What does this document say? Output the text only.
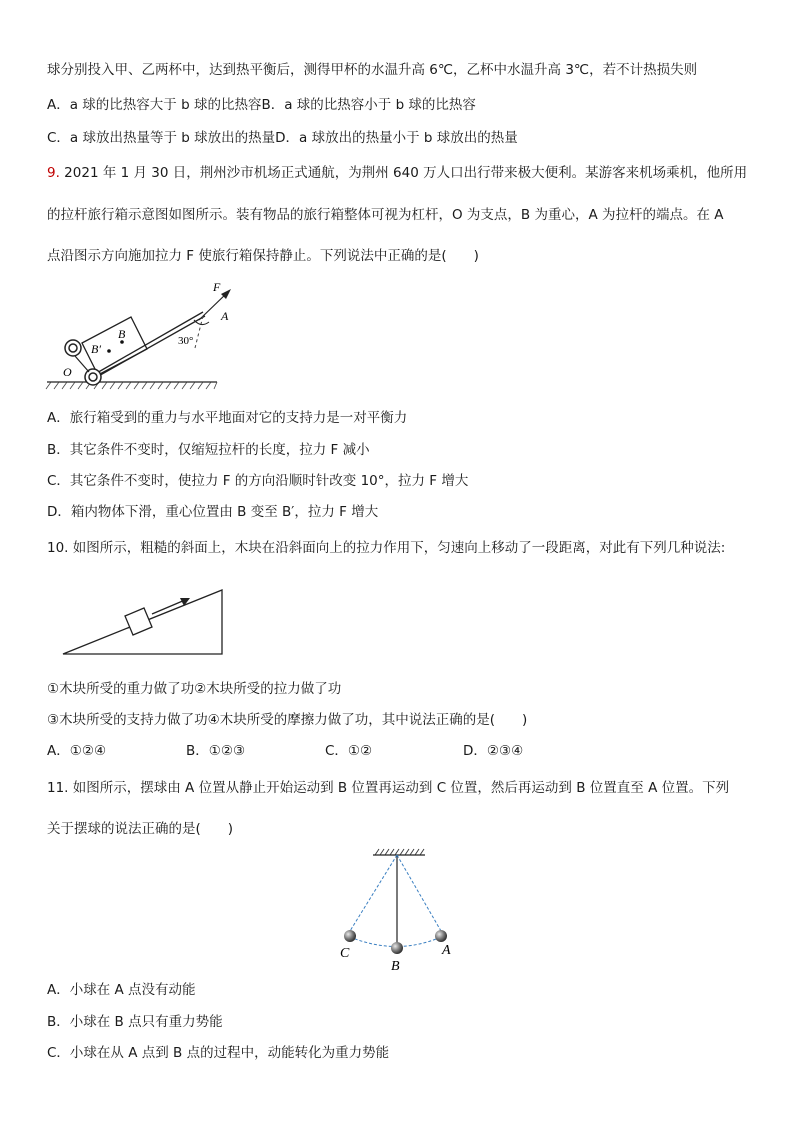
球分别投入甲、乙两杯中，达到热平衡后，测得甲杯的水温升高 6℃，乙杯中水温升高 3℃，若不计热损失则
A．a 球的比热容大于 b 球的比热容B．a 球的比热容小于 b 球的比热容
C．a 球放出热量等于 b 球放出的热量D．a 球放出的热量小于 b 球放出的热量
9. 2021 年 1 月 30 日，荆州沙市机场正式通航，为荆州 640 万人口出行带来极大便利。某游客来机场乘机，他所用
的拉杆旅行箱示意图如图所示。装有物品的旅行箱整体可视为杠杆，O 为支点，B 为重心，A 为拉杆的端点。在 A
点沿图示方向施加拉力 F 使旅行箱保持静止。下列说法中正确的是(　　)
F
A
B
B′
O
30°
A．旅行箱受到的重力与水平地面对它的支持力是一对平衡力
B．其它条件不变时，仅缩短拉杆的长度，拉力 F 减小
C．其它条件不变时，使拉力 F 的方向沿顺时针改变 10°，拉力 F 增大
D．箱内物体下滑，重心位置由 B 变至 B′，拉力 F 增大
10. 如图所示，粗糙的斜面上，木块在沿斜面向上的拉力作用下，匀速向上移动了一段距离，对此有下列几种说法:
①木块所受的重力做了功②木块所受的拉力做了功
③木块所受的支持力做了功④木块所受的摩擦力做了功，其中说法正确的是(　　)
A．①②④	B．①②③	C．①②	D．②③④
11. 如图所示，摆球由 A 位置从静止开始运动到 B 位置再运动到 C 位置，然后再运动到 B 位置直至 A 位置。下列
关于摆球的说法正确的是(　　)
C
B
A
A．小球在 A 点没有动能
B．小球在 B 点只有重力势能
C．小球在从 A 点到 B 点的过程中，动能转化为重力势能
